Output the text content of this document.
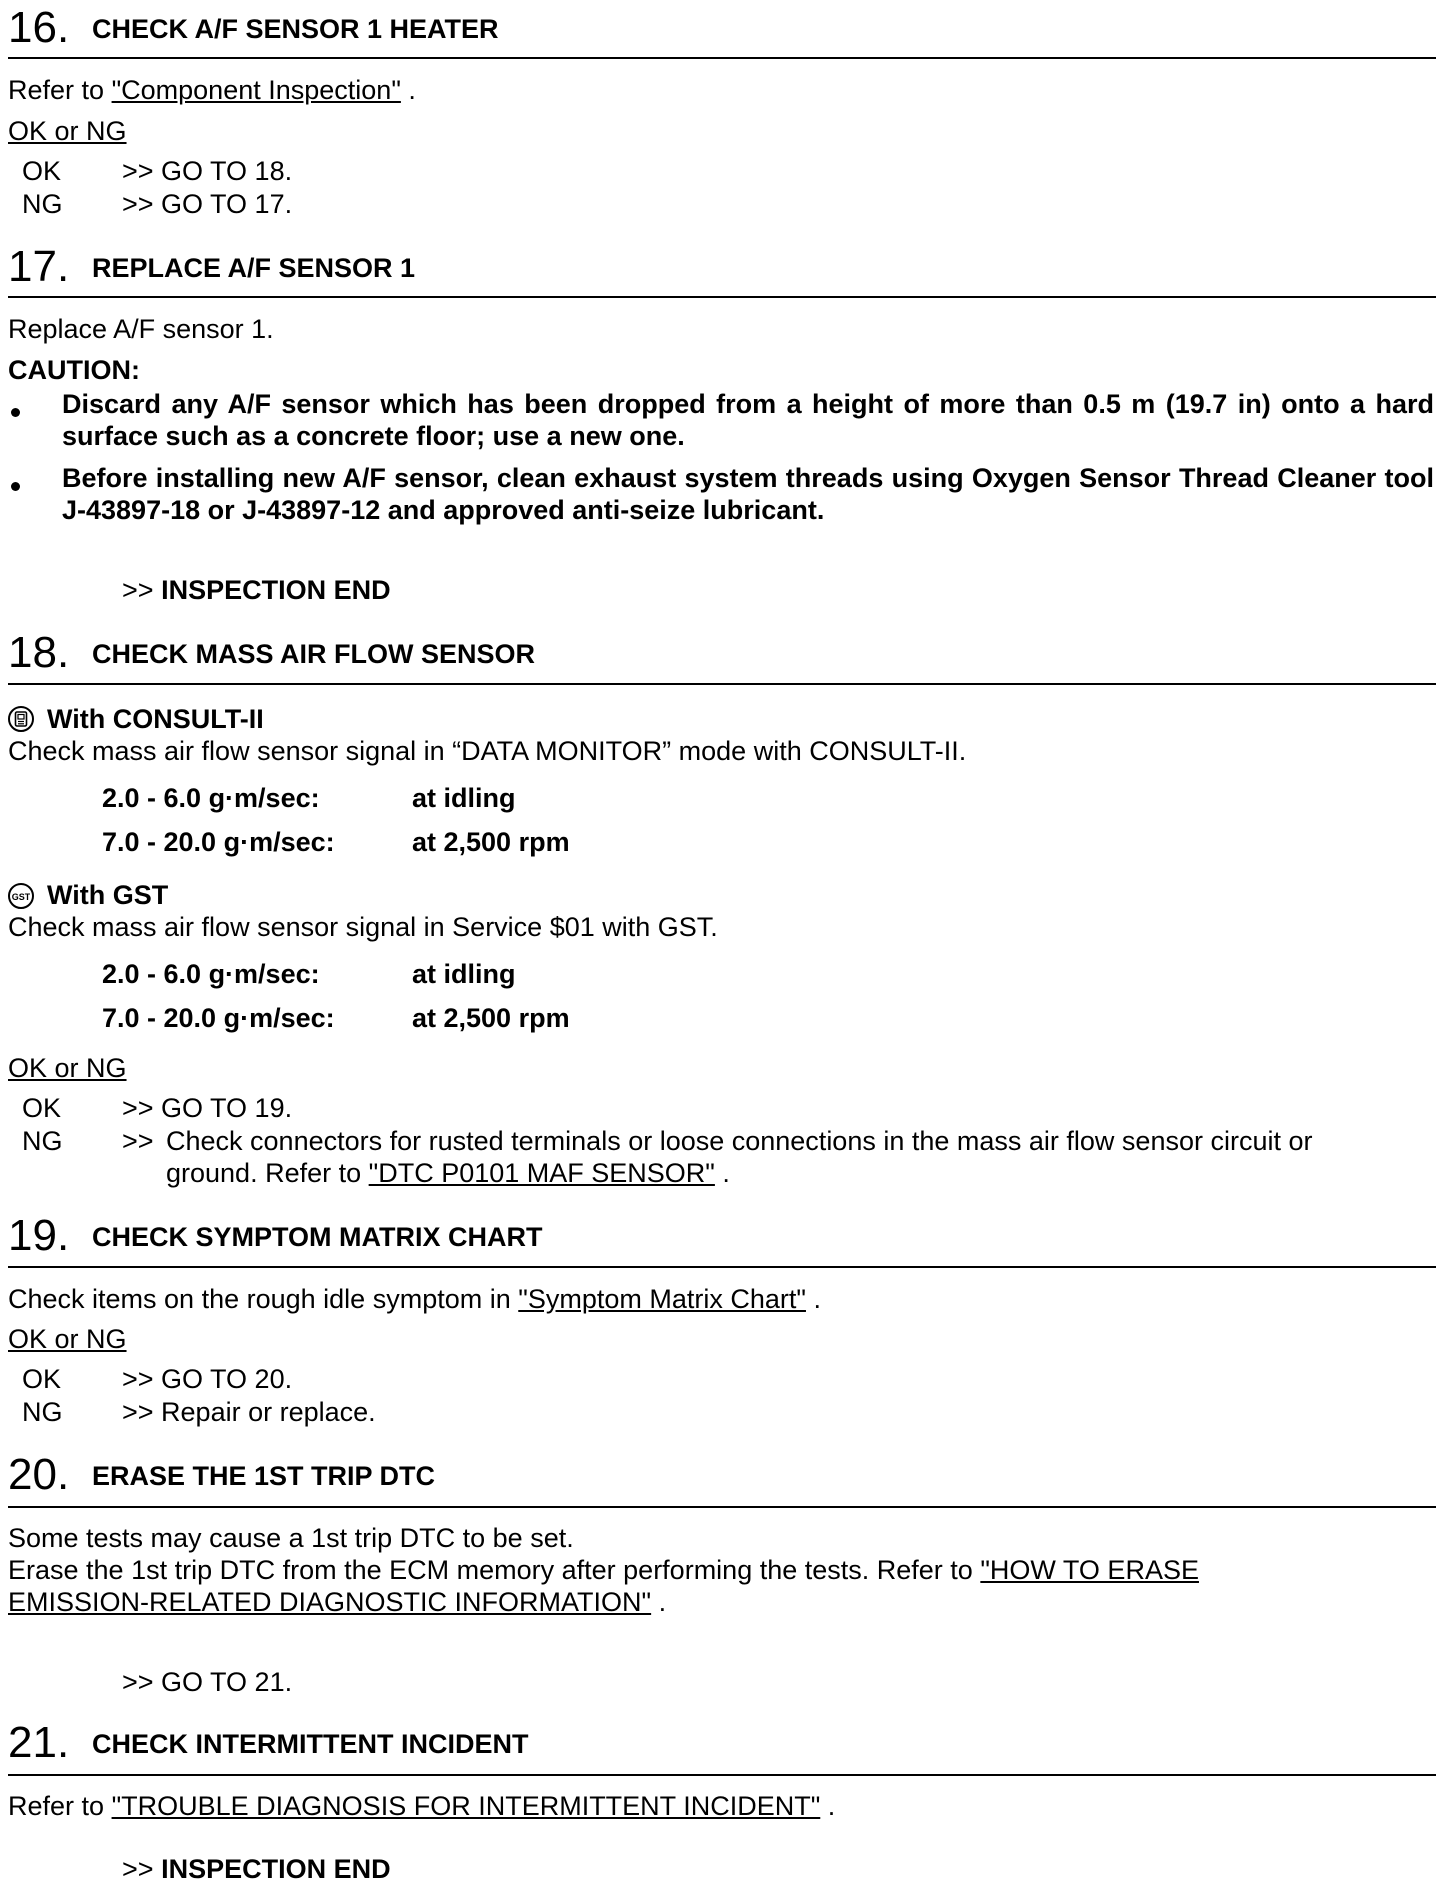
16. CHECK A/F SENSOR 1 HEATER
Refer to "Component Inspection" .
OK or NG
OK >> GO TO 18.
NG >> GO TO 17.
17. REPLACE A/F SENSOR 1
Replace A/F sensor 1.
CAUTION:
Discard any A/F sensor which has been dropped from a height of more than 0.5 m (19.7 in) onto a hard surface such as a concrete floor; use a new one.
Before installing new A/F sensor, clean exhaust system threads using Oxygen Sensor Thread Cleaner tool J-43897-18 or J-43897-12 and approved anti-seize lubricant.
>> INSPECTION END
18. CHECK MASS AIR FLOW SENSOR
With CONSULT-II
Check mass air flow sensor signal in “DATA MONITOR” mode with CONSULT-II.
2.0 - 6.0 g·m/sec:	at idling
7.0 - 20.0 g·m/sec:	at 2,500 rpm
GST With GST
Check mass air flow sensor signal in Service $01 with GST.
2.0 - 6.0 g·m/sec:	at idling
7.0 - 20.0 g·m/sec:	at 2,500 rpm
OK or NG
OK >> GO TO 19.
NG >> Check connectors for rusted terminals or loose connections in the mass air flow sensor circuit or
ground. Refer to "DTC P0101 MAF SENSOR" .
19. CHECK SYMPTOM MATRIX CHART
Check items on the rough idle symptom in "Symptom Matrix Chart" .
OK or NG
OK >> GO TO 20.
NG >> Repair or replace.
20. ERASE THE 1ST TRIP DTC
Some tests may cause a 1st trip DTC to be set.
Erase the 1st trip DTC from the ECM memory after performing the tests. Refer to "HOW TO ERASE
EMISSION-RELATED DIAGNOSTIC INFORMATION" .
>> GO TO 21.
21. CHECK INTERMITTENT INCIDENT
Refer to "TROUBLE DIAGNOSIS FOR INTERMITTENT INCIDENT" .
>> INSPECTION END
